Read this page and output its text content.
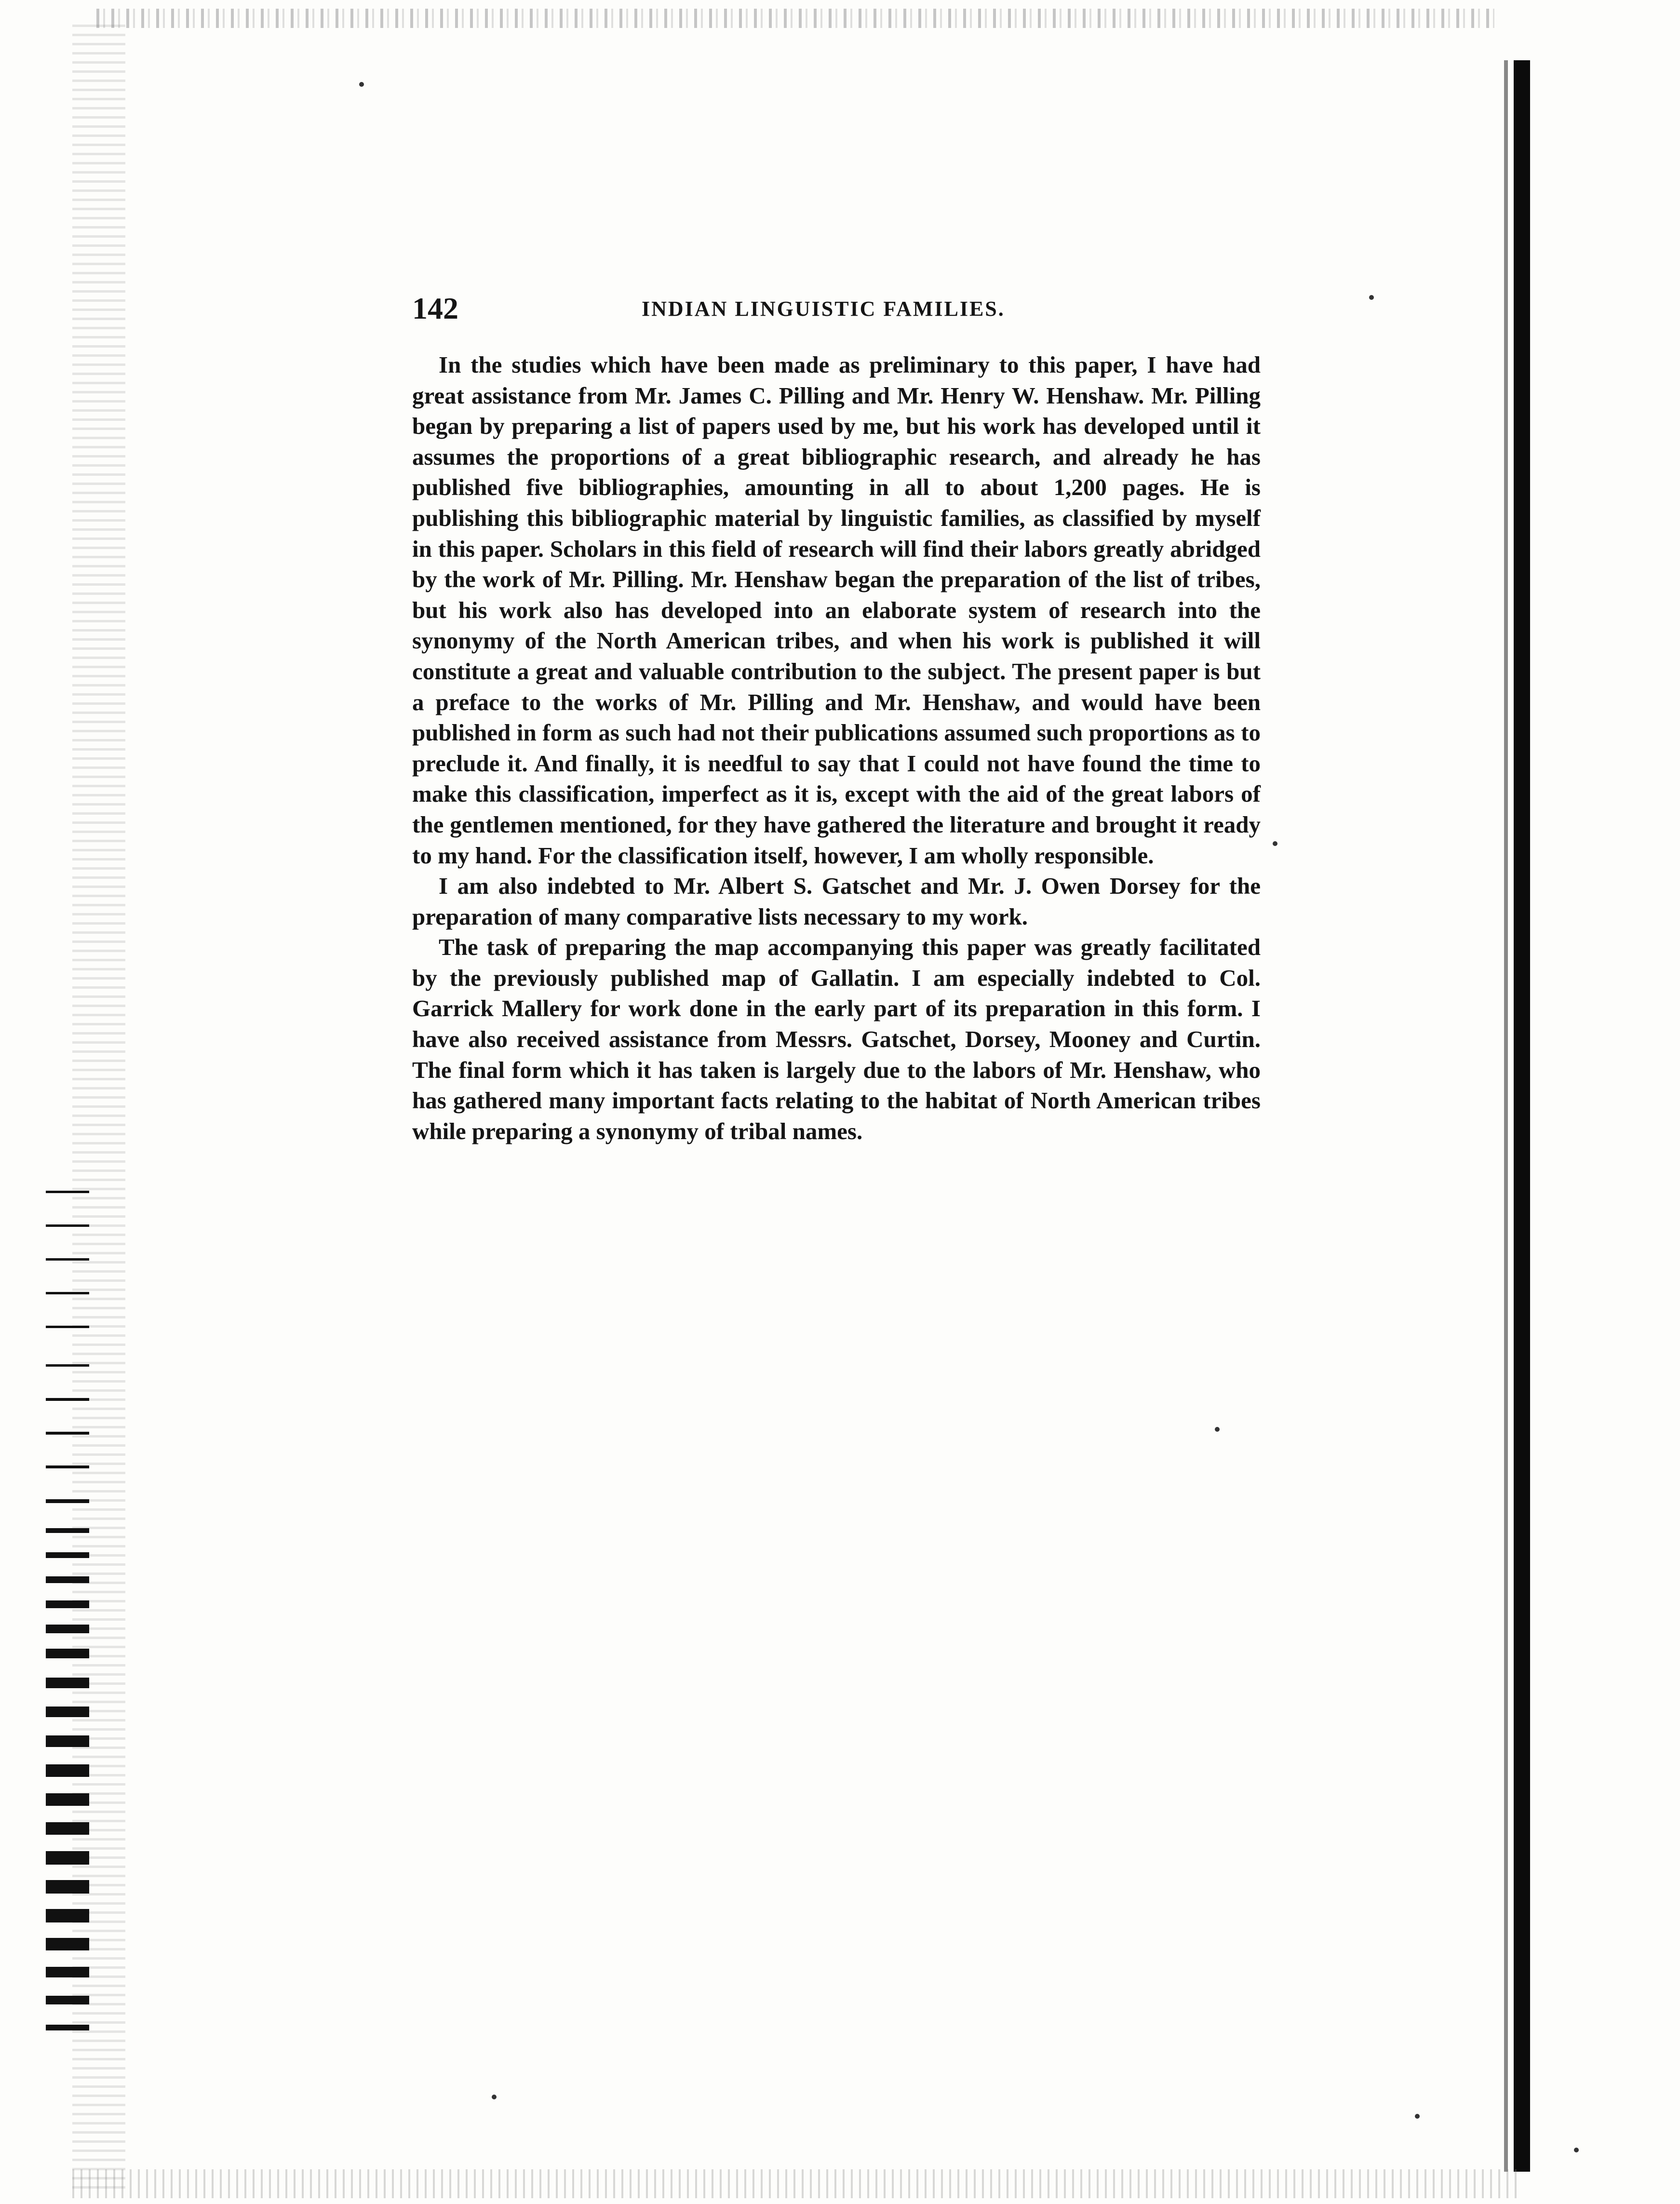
142	INDIAN LINGUISTIC FAMILIES.

In the studies which have been made as preliminary to this paper, I have had great assistance from Mr. James C. Pilling and Mr. Henry W. Henshaw. Mr. Pilling began by preparing a list of papers used by me, but his work has developed until it assumes the proportions of a great bibliographic research, and already he has published five bibliographies, amounting in all to about 1,200 pages. He is publishing this bibliographic material by linguistic families, as classified by myself in this paper. Scholars in this field of research will find their labors greatly abridged by the work of Mr. Pilling. Mr. Henshaw began the preparation of the list of tribes, but his work also has developed into an elaborate system of research into the synonymy of the North American tribes, and when his work is published it will constitute a great and valuable contribution to the subject. The present paper is but a preface to the works of Mr. Pilling and Mr. Henshaw, and would have been published in form as such had not their publications assumed such proportions as to preclude it. And finally, it is needful to say that I could not have found the time to make this classification, imperfect as it is, except with the aid of the great labors of the gentlemen mentioned, for they have gathered the literature and brought it ready to my hand. For the classification itself, however, I am wholly responsible.

I am also indebted to Mr. Albert S. Gatschet and Mr. J. Owen Dorsey for the preparation of many comparative lists necessary to my work.

The task of preparing the map accompanying this paper was greatly facilitated by the previously published map of Gallatin. I am especially indebted to Col. Garrick Mallery for work done in the early part of its preparation in this form. I have also received assistance from Messrs. Gatschet, Dorsey, Mooney and Curtin. The final form which it has taken is largely due to the labors of Mr. Henshaw, who has gathered many important facts relating to the habitat of North American tribes while preparing a synonymy of tribal names.
